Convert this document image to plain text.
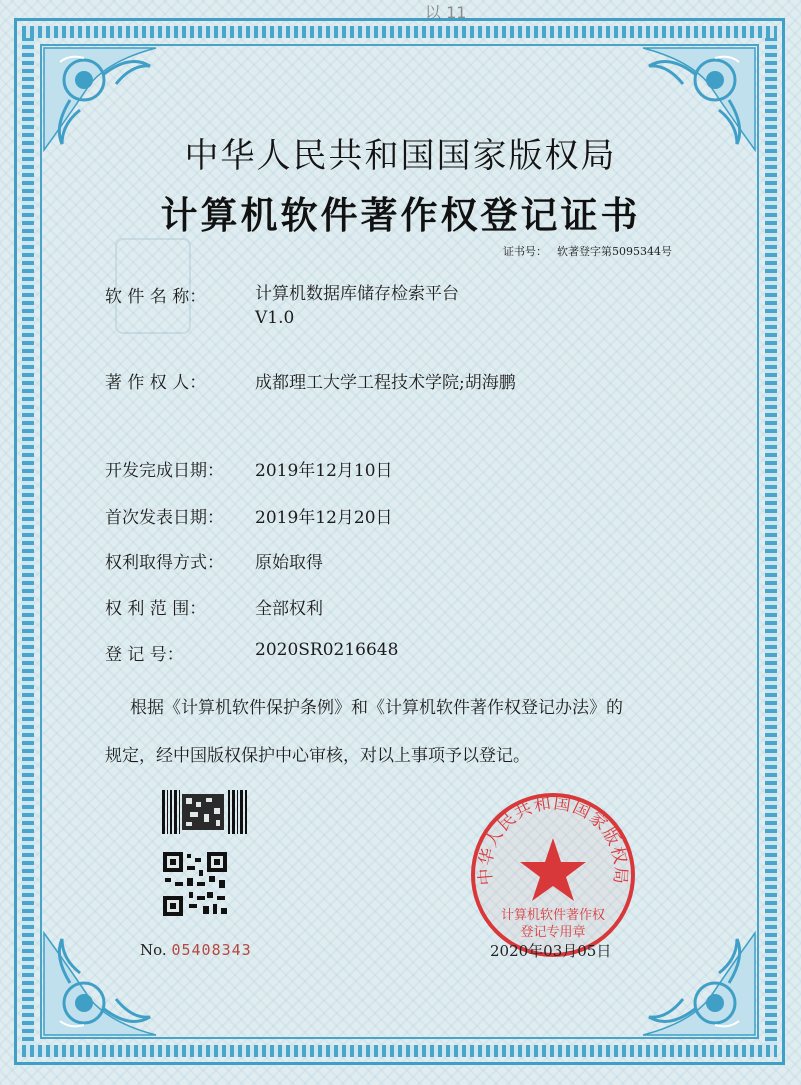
以 11
中华人民共和国国家版权局
计算机软件著作权登记证书
证书号： 软著登字第5095344号
软 件 名 称：	计算机数据库储存检索平台
V1.0
著 作 权 人：	成都理工大学工程技术学院;胡海鹏
开发完成日期： 2019年12月10日
首次发表日期： 2019年12月20日
权利取得方式： 原始取得
权 利 范 围：	全部权利
登 记 号：	2020SR0216648
根据《计算机软件保护条例》和《计算机软件著作权登记办法》的
规定，经中国版权保护中心审核，对以上事项予以登记。
No. 05408343
中华人民共和国国家版权局
计算机软件著作权
登记专用章
2020年03月05日
